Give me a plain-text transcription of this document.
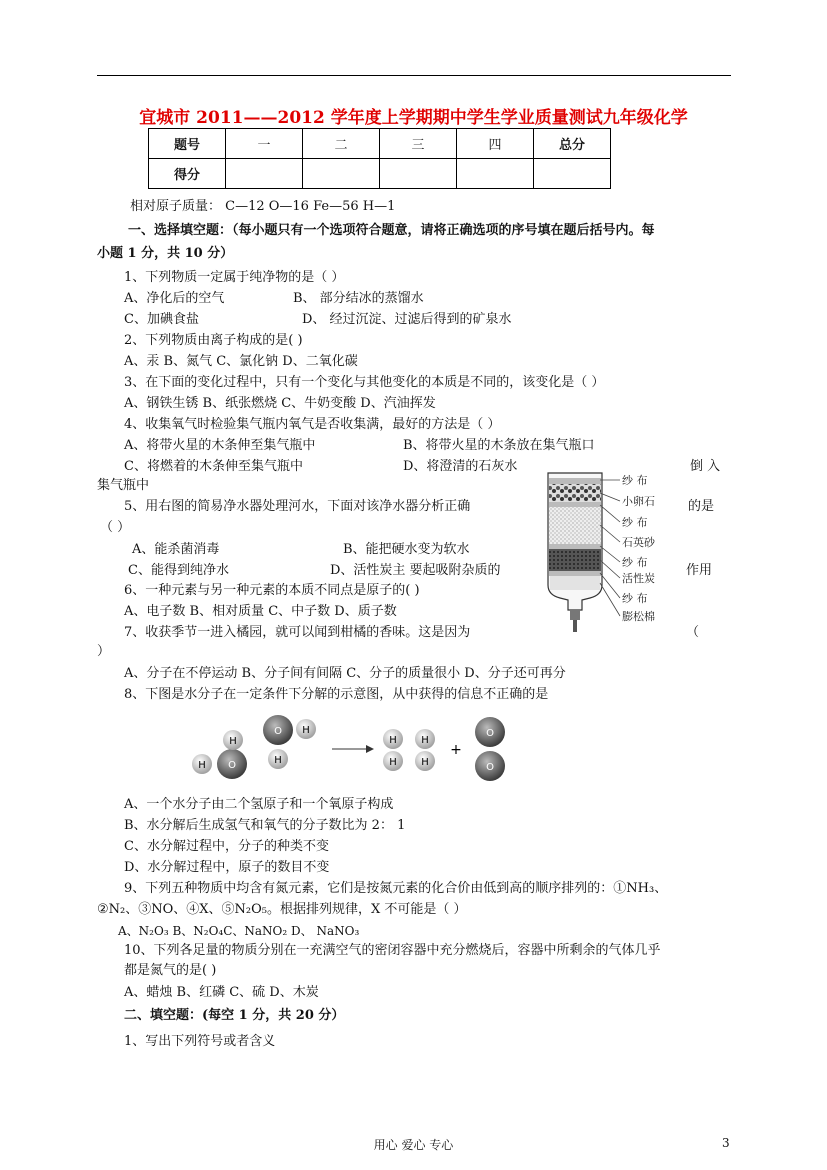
宜城市 2011——2012 学年度上学期期中学生学业质量测试九年级化学
题号	一	二	三	四	总分
得分					
相对原子质量： C—12 O—16 Fe—56 H—1
一、选择填空题：（每小题只有一个选项符合题意，请将正确选项的序号填在题后括号内。每
小题 1 分，共 10 分）
1、下列物质一定属于纯净物的是（ ）
A、净化后的空气	B、 部分结冰的蒸馏水
C、加碘食盐	D、 经过沉淀、过滤后得到的矿泉水
2、下列物质由离子构成的是( )
A、汞 B、氮气 C、氯化钠 D、二氧化碳
3、在下面的变化过程中，只有一个变化与其他变化的本质是不同的，该变化是（ ）
A、钢铁生锈 B、纸张燃烧 C、牛奶变酸 D、汽油挥发
4、收集氧气时检验集气瓶内氧气是否收集满，最好的方法是（ ）
A、将带火星的木条伸至集气瓶中	B、将带火星的木条放在集气瓶口
C、将燃着的木条伸至集气瓶中	D、将澄清的石灰水	倒 入
集气瓶中
5、用右图的简易净水器处理河水，下面对该净水器分析正确	的是
（ ）
A、能杀菌消毒	B、能把硬水变为软水
C、能得到纯净水	D、活性炭主 要起吸附杂质的	作用
纱 布
小卵石
纱 布
石英砂
纱 布
活性炭
纱 布
膨松棉
6、一种元素与另一种元素的本质不同点是原子的( )
A、电子数 B、相对质量 C、中子数 D、质子数
7、收获季节一进入橘园，就可以闻到柑橘的香味。这是因为	（
）
A、分子在不停运动 B、分子间有间隔 C、分子的质量很小 D、分子还可再分
8、下图是水分子在一定条件下分解的示意图，从中获得的信息不正确的是
H
H O
O H
H
H
H
H
H
+
O
O
A、一个水分子由二个氢原子和一个氧原子构成
B、水分解后生成氢气和氧气的分子数比为 2： 1
C、水分解过程中，分子的种类不变
D、水分解过程中，原子的数目不变
9、下列五种物质中均含有氮元素，它们是按氮元素的化合价由低到高的顺序排列的：①NH₃、
②N₂、③NO、④X、⑤N₂O₅。根据排列规律，X 不可能是（ ）
A、N₂O₃ B、N₂O₄C、NaNO₂ D、 NaNO₃
10、下列各足量的物质分别在一充满空气的密闭容器中充分燃烧后，容器中所剩余的气体几乎
都是氮气的是( )
A、蜡烛 B、红磷 C、硫 D、木炭
二、填空题：(每空 1 分，共 20 分）
1、写出下列符号或者含义
用心 爱心 专心	3
